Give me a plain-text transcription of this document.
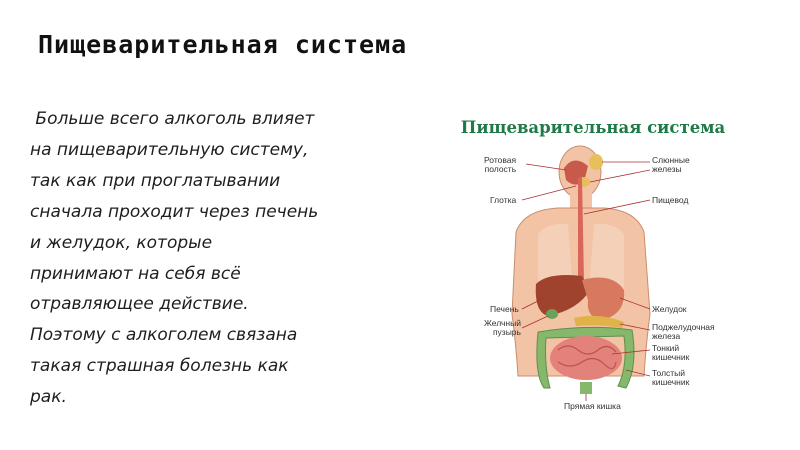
Пищеварительная система
Больше всего алкоголь влияет
на пищеварительную систему,
так как при проглатывании
сначала проходит через печень
и желудок, которые
принимают на себя всё
отравляющее действие.
Поэтому с алкоголем связана
такая страшная болезнь как
рак.
Пищеварительная система
Ротовая
полость
Глотка
Печень
Желчный
пузырь
Слюнные
железы
Пищевод
Желудок
Поджелудочная
железа
Тонкий
кишечник
Толстый
кишечник
Прямая кишка
